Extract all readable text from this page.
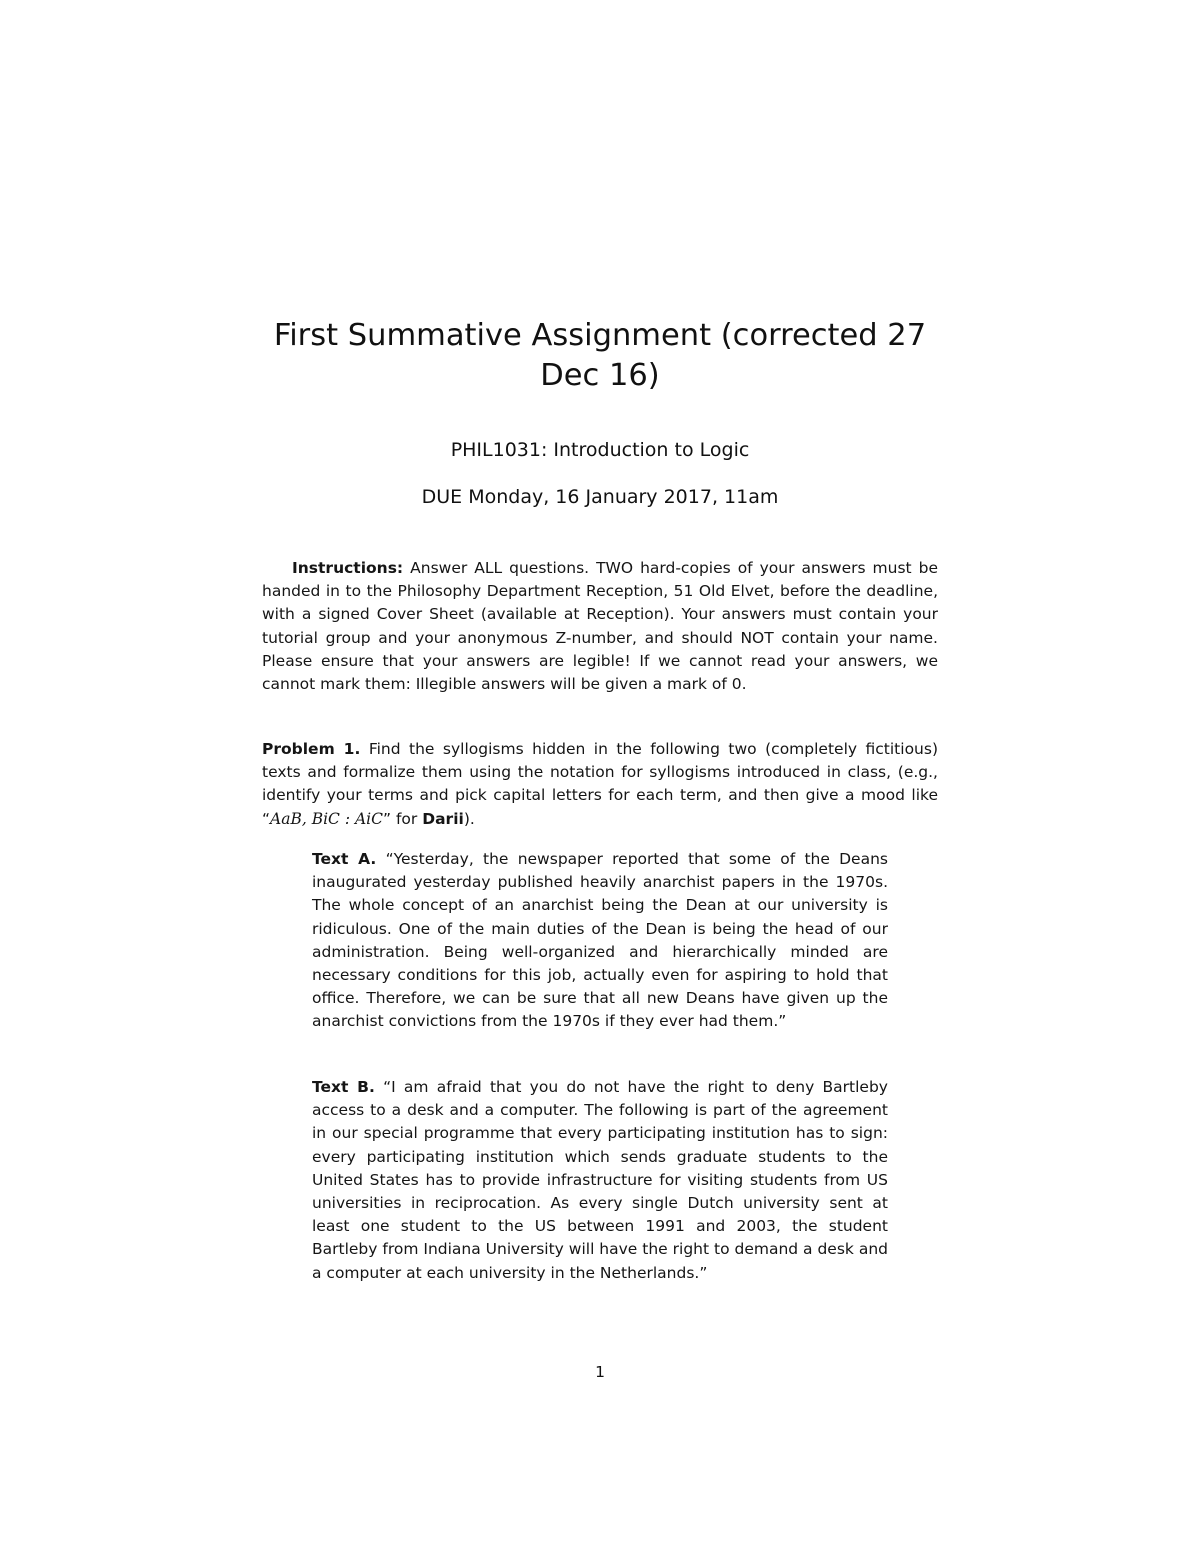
First Summative Assignment (corrected 27 Dec 16)

PHIL1031: Introduction to Logic

DUE Monday, 16 January 2017, 11am

Instructions: Answer ALL questions. TWO hard-copies of your answers must be handed in to the Philosophy Department Reception, 51 Old Elvet, before the deadline, with a signed Cover Sheet (available at Reception). Your answers must contain your tutorial group and your anonymous Z-number, and should NOT contain your name. Please ensure that your answers are legible! If we cannot read your answers, we cannot mark them: Illegible answers will be given a mark of 0.

Problem 1. Find the syllogisms hidden in the following two (completely fictitious) texts and formalize them using the notation for syllogisms introduced in class, (e.g., identify your terms and pick capital letters for each term, and then give a mood like “AaB, BiC : AiC” for Darii).

Text A. “Yesterday, the newspaper reported that some of the Deans inaugurated yesterday published heavily anarchist papers in the 1970s. The whole concept of an anarchist being the Dean at our university is ridiculous. One of the main duties of the Dean is being the head of our administration. Being well-organized and hierarchically minded are necessary conditions for this job, actually even for aspiring to hold that office. Therefore, we can be sure that all new Deans have given up the anarchist convictions from the 1970s if they ever had them.”

Text B. “I am afraid that you do not have the right to deny Bartleby access to a desk and a computer. The following is part of the agreement in our special programme that every participating institution has to sign: every participating institution which sends graduate students to the United States has to provide infrastructure for visiting students from US universities in reciprocation. As every single Dutch university sent at least one student to the US between 1991 and 2003, the student Bartleby from Indiana University will have the right to demand a desk and a computer at each university in the Netherlands.”

1
